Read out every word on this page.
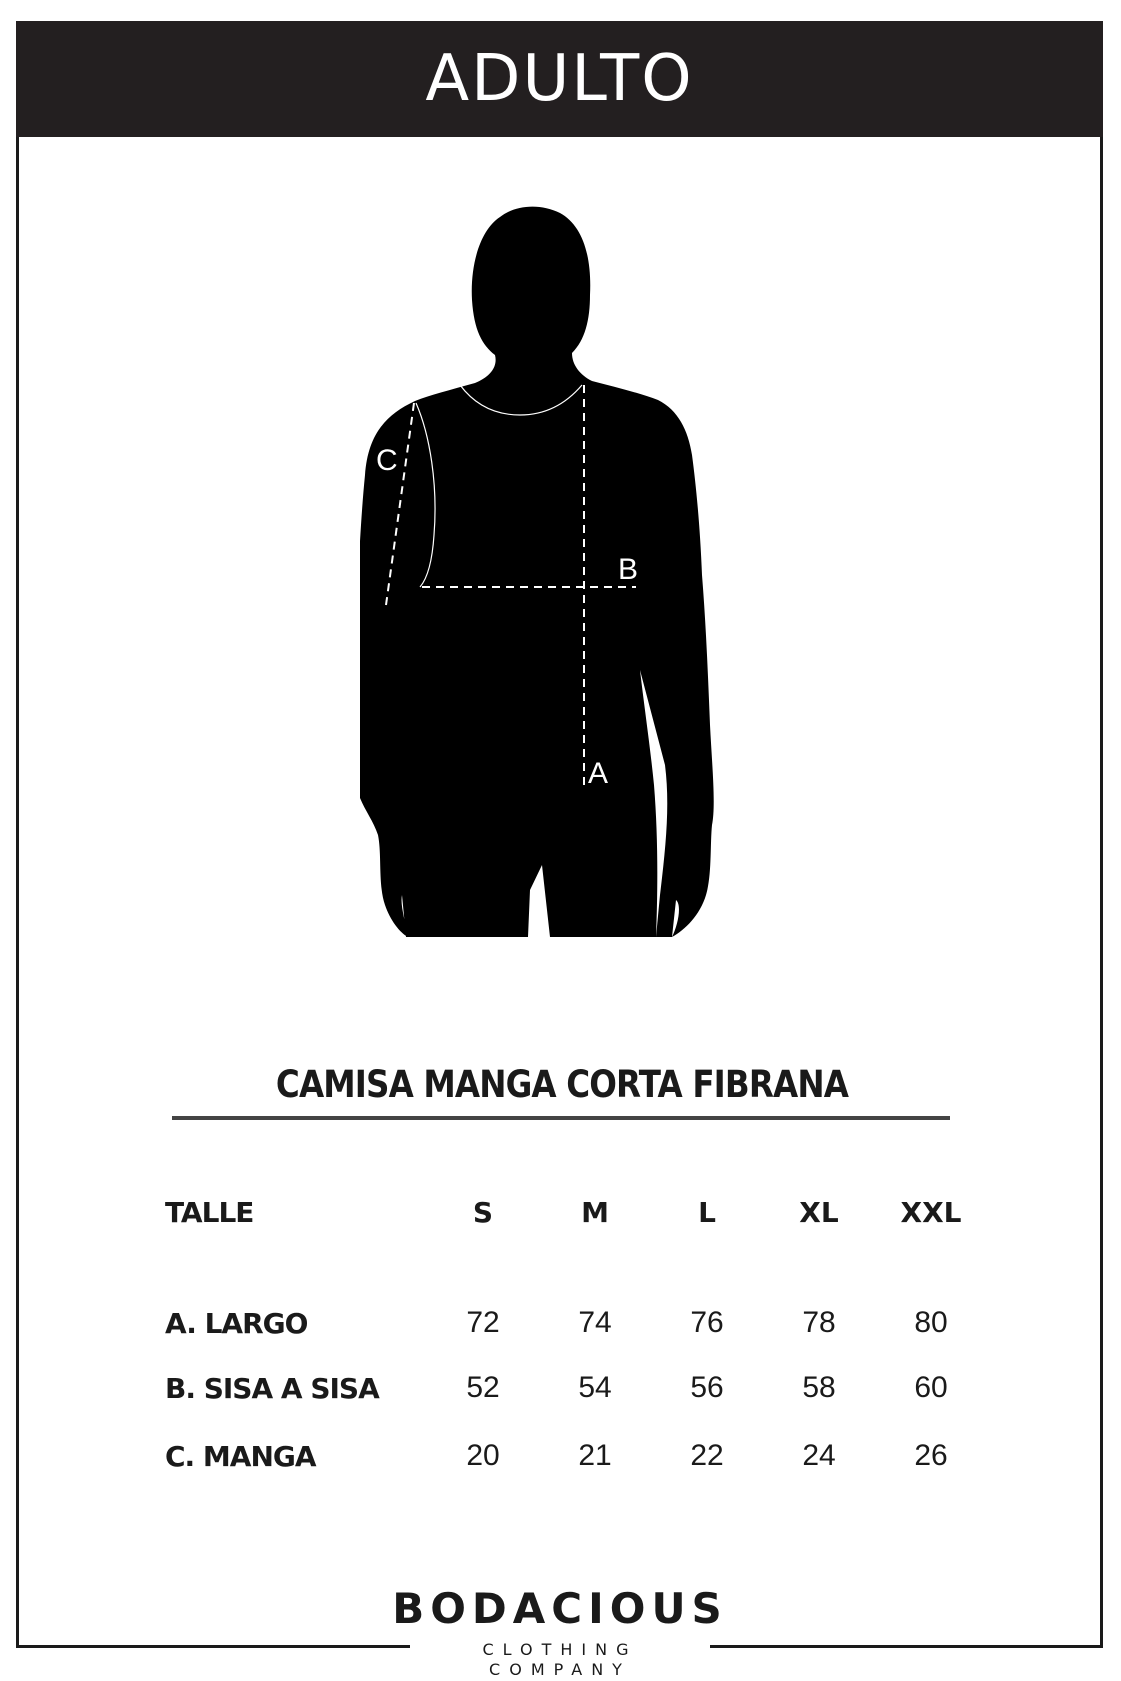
ADULTO
A
B
C
CAMISA MANGA CORTA FIBRANA
TALLE	S	M	L	XL	XXL
A. LARGO	72	74	76	78	80
B. SISA A SISA	52	54	56	58	60
C. MANGA	20	21	22	24	26
BODACIOUS
CLOTHING COMPANY
